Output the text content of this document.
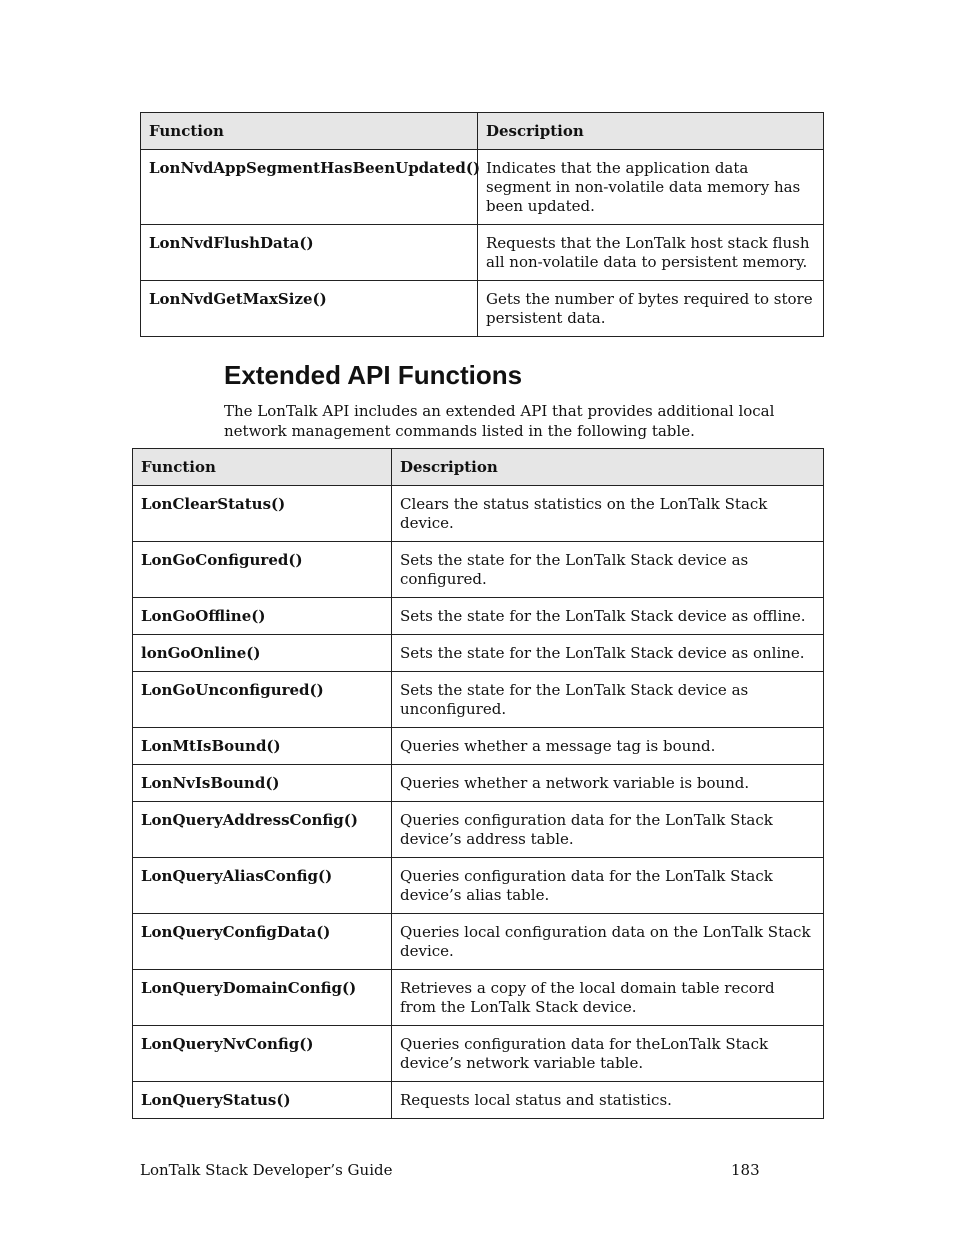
Function	Description
LonNvdAppSegmentHasBeenUpdated()	Indicates that the application data segment in non-volatile data memory has been updated.
LonNvdFlushData()	Requests that the LonTalk host stack flush all non-volatile data to persistent memory.
LonNvdGetMaxSize()	Gets the number of bytes required to store persistent data.
Extended API Functions

The LonTalk API includes an extended API that provides additional local network management commands listed in the following table.

Function	Description
LonClearStatus()	Clears the status statistics on the LonTalk Stack device.
LonGoConfigured()	Sets the state for the LonTalk Stack device as configured.
LonGoOffline()	Sets the state for the LonTalk Stack device as offline.
lonGoOnline()	Sets the state for the LonTalk Stack device as online.
LonGoUnconfigured()	Sets the state for the LonTalk Stack device as unconfigured.
LonMtIsBound()	Queries whether a message tag is bound.
LonNvIsBound()	Queries whether a network variable is bound.
LonQueryAddressConfig()	Queries configuration data for the LonTalk Stack device’s address table.
LonQueryAliasConfig()	Queries configuration data for the LonTalk Stack device’s alias table.
LonQueryConfigData()	Queries local configuration data on the LonTalk Stack device.
LonQueryDomainConfig()	Retrieves a copy of the local domain table record from the LonTalk Stack device.
LonQueryNvConfig()	Queries configuration data for theLonTalk Stack device’s network variable table.
LonQueryStatus()	Requests local status and statistics.
LonTalk Stack Developer’s Guide	183
